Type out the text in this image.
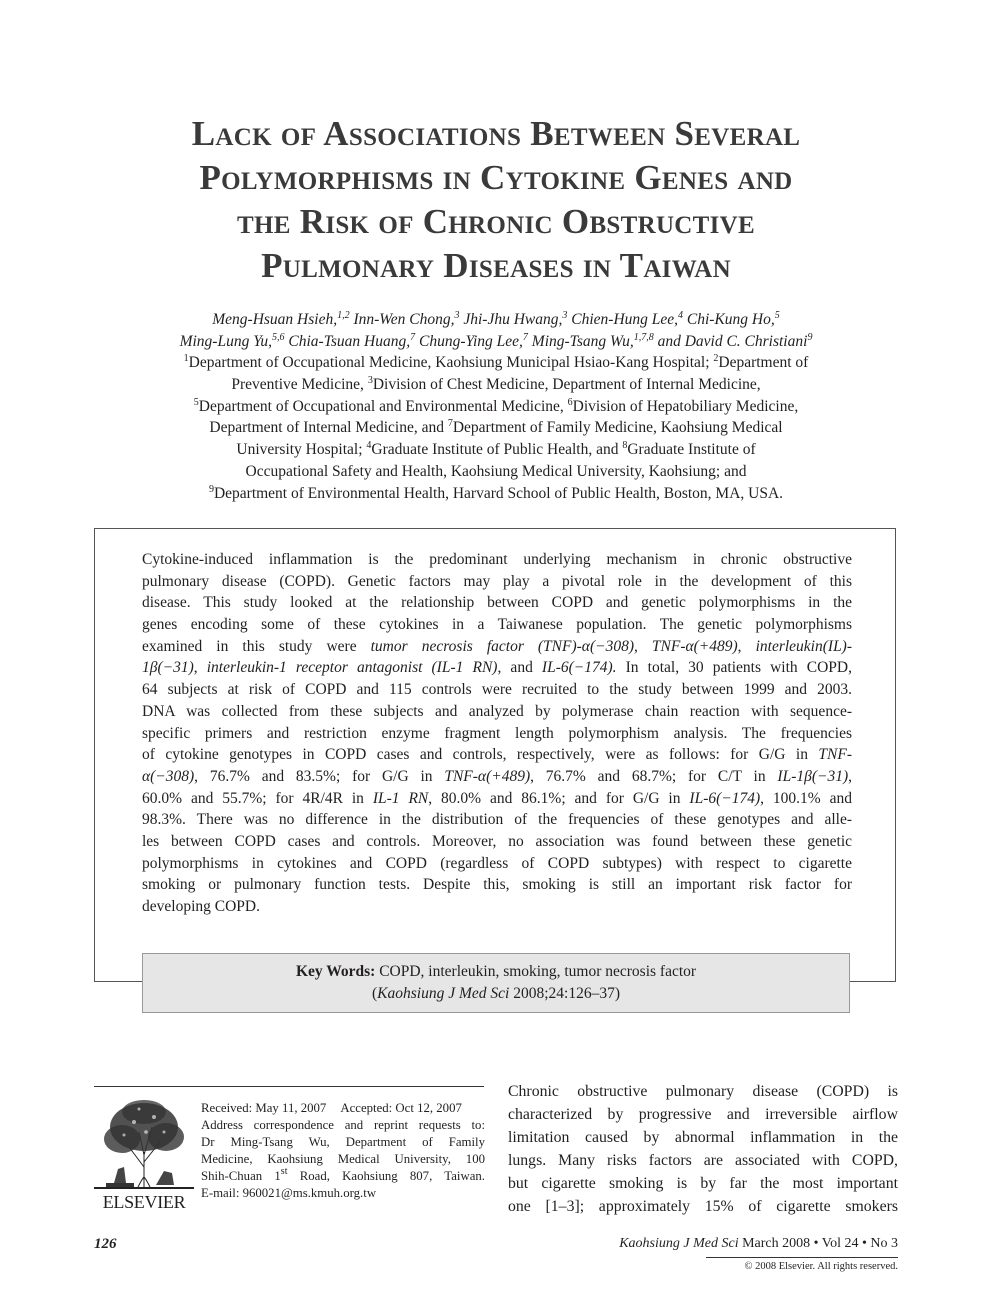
Lack of Associations Between Several
Polymorphisms in Cytokine Genes and
the Risk of Chronic Obstructive
Pulmonary Diseases in Taiwan
Meng-Hsuan Hsieh,$^{1,2}$ Inn-Wen Chong,$^3$ Jhi-Jhu Hwang,$^3$ Chien-Hung Lee,$^4$ Chi-Kung Ho,$^5$
Ming-Lung Yu,$^{5,6}$ Chia-Tsuan Huang,$^7$ Chung-Ying Lee,$^7$ Ming-Tsang Wu,$^{1,7,8}$ and David C. Christiani$^9$
$^1$Department of Occupational Medicine, Kaohsiung Municipal Hsiao-Kang Hospital; $^2$Department of
Preventive Medicine, $^3$Division of Chest Medicine, Department of Internal Medicine,
$^5$Department of Occupational and Environmental Medicine, $^6$Division of Hepatobiliary Medicine,
Department of Internal Medicine, and $^7$Department of Family Medicine, Kaohsiung Medical
University Hospital; $^4$Graduate Institute of Public Health, and $^8$Graduate Institute of
Occupational Safety and Health, Kaohsiung Medical University, Kaohsiung; and
$^9$Department of Environmental Health, Harvard School of Public Health, Boston, MA, USA.
Cytokine-induced inflammation is the predominant underlying mechanism in chronic obstructive
pulmonary disease (COPD). Genetic factors may play a pivotal role in the development of this
disease. This study looked at the relationship between COPD and genetic polymorphisms in the
genes encoding some of these cytokines in a Taiwanese population. The genetic polymorphisms
examined in this study were tumor necrosis factor (TNF)-α(−308), TNF-α(+489), interleukin(IL)-
1β(−31), interleukin-1 receptor antagonist (IL-1 RN), and IL-6(−174). In total, 30 patients with COPD,
64 subjects at risk of COPD and 115 controls were recruited to the study between 1999 and 2003.
DNA was collected from these subjects and analyzed by polymerase chain reaction with sequence-
specific primers and restriction enzyme fragment length polymorphism analysis. The frequencies
of cytokine genotypes in COPD cases and controls, respectively, were as follows: for G/G in TNF-
α(−308), 76.7% and 83.5%; for G/G in TNF-α(+489), 76.7% and 68.7%; for C/T in IL-1β(−31),
60.0% and 55.7%; for 4R/4R in IL-1 RN, 80.0% and 86.1%; and for G/G in IL-6(−174), 100.1% and
98.3%. There was no difference in the distribution of the frequencies of these genotypes and alle-
les between COPD cases and controls. Moreover, no association was found between these genetic
polymorphisms in cytokines and COPD (regardless of COPD subtypes) with respect to cigarette
smoking or pulmonary function tests. Despite this, smoking is still an important risk factor for
developing COPD.
Key Words: COPD, interleukin, smoking, tumor necrosis factor
(Kaohsiung J Med Sci 2008;24:126–37)
ELSEVIER
Received: May 11, 2007 Accepted: Oct 12, 2007
Address correspondence and reprint requests to:
Dr Ming-Tsang Wu, Department of Family
Medicine, Kaohsiung Medical University, 100
Shih-Chuan 1st Road, Kaohsiung 807, Taiwan.
E-mail: 960021@ms.kmuh.org.tw
Chronic obstructive pulmonary disease (COPD) is
characterized by progressive and irreversible airflow
limitation caused by abnormal inflammation in the
lungs. Many risks factors are associated with COPD,
but cigarette smoking is by far the most important
one [1–3]; approximately 15% of cigarette smokers
126	Kaohsiung J Med Sci March 2008 • Vol 24 • No 3
© 2008 Elsevier. All rights reserved.
